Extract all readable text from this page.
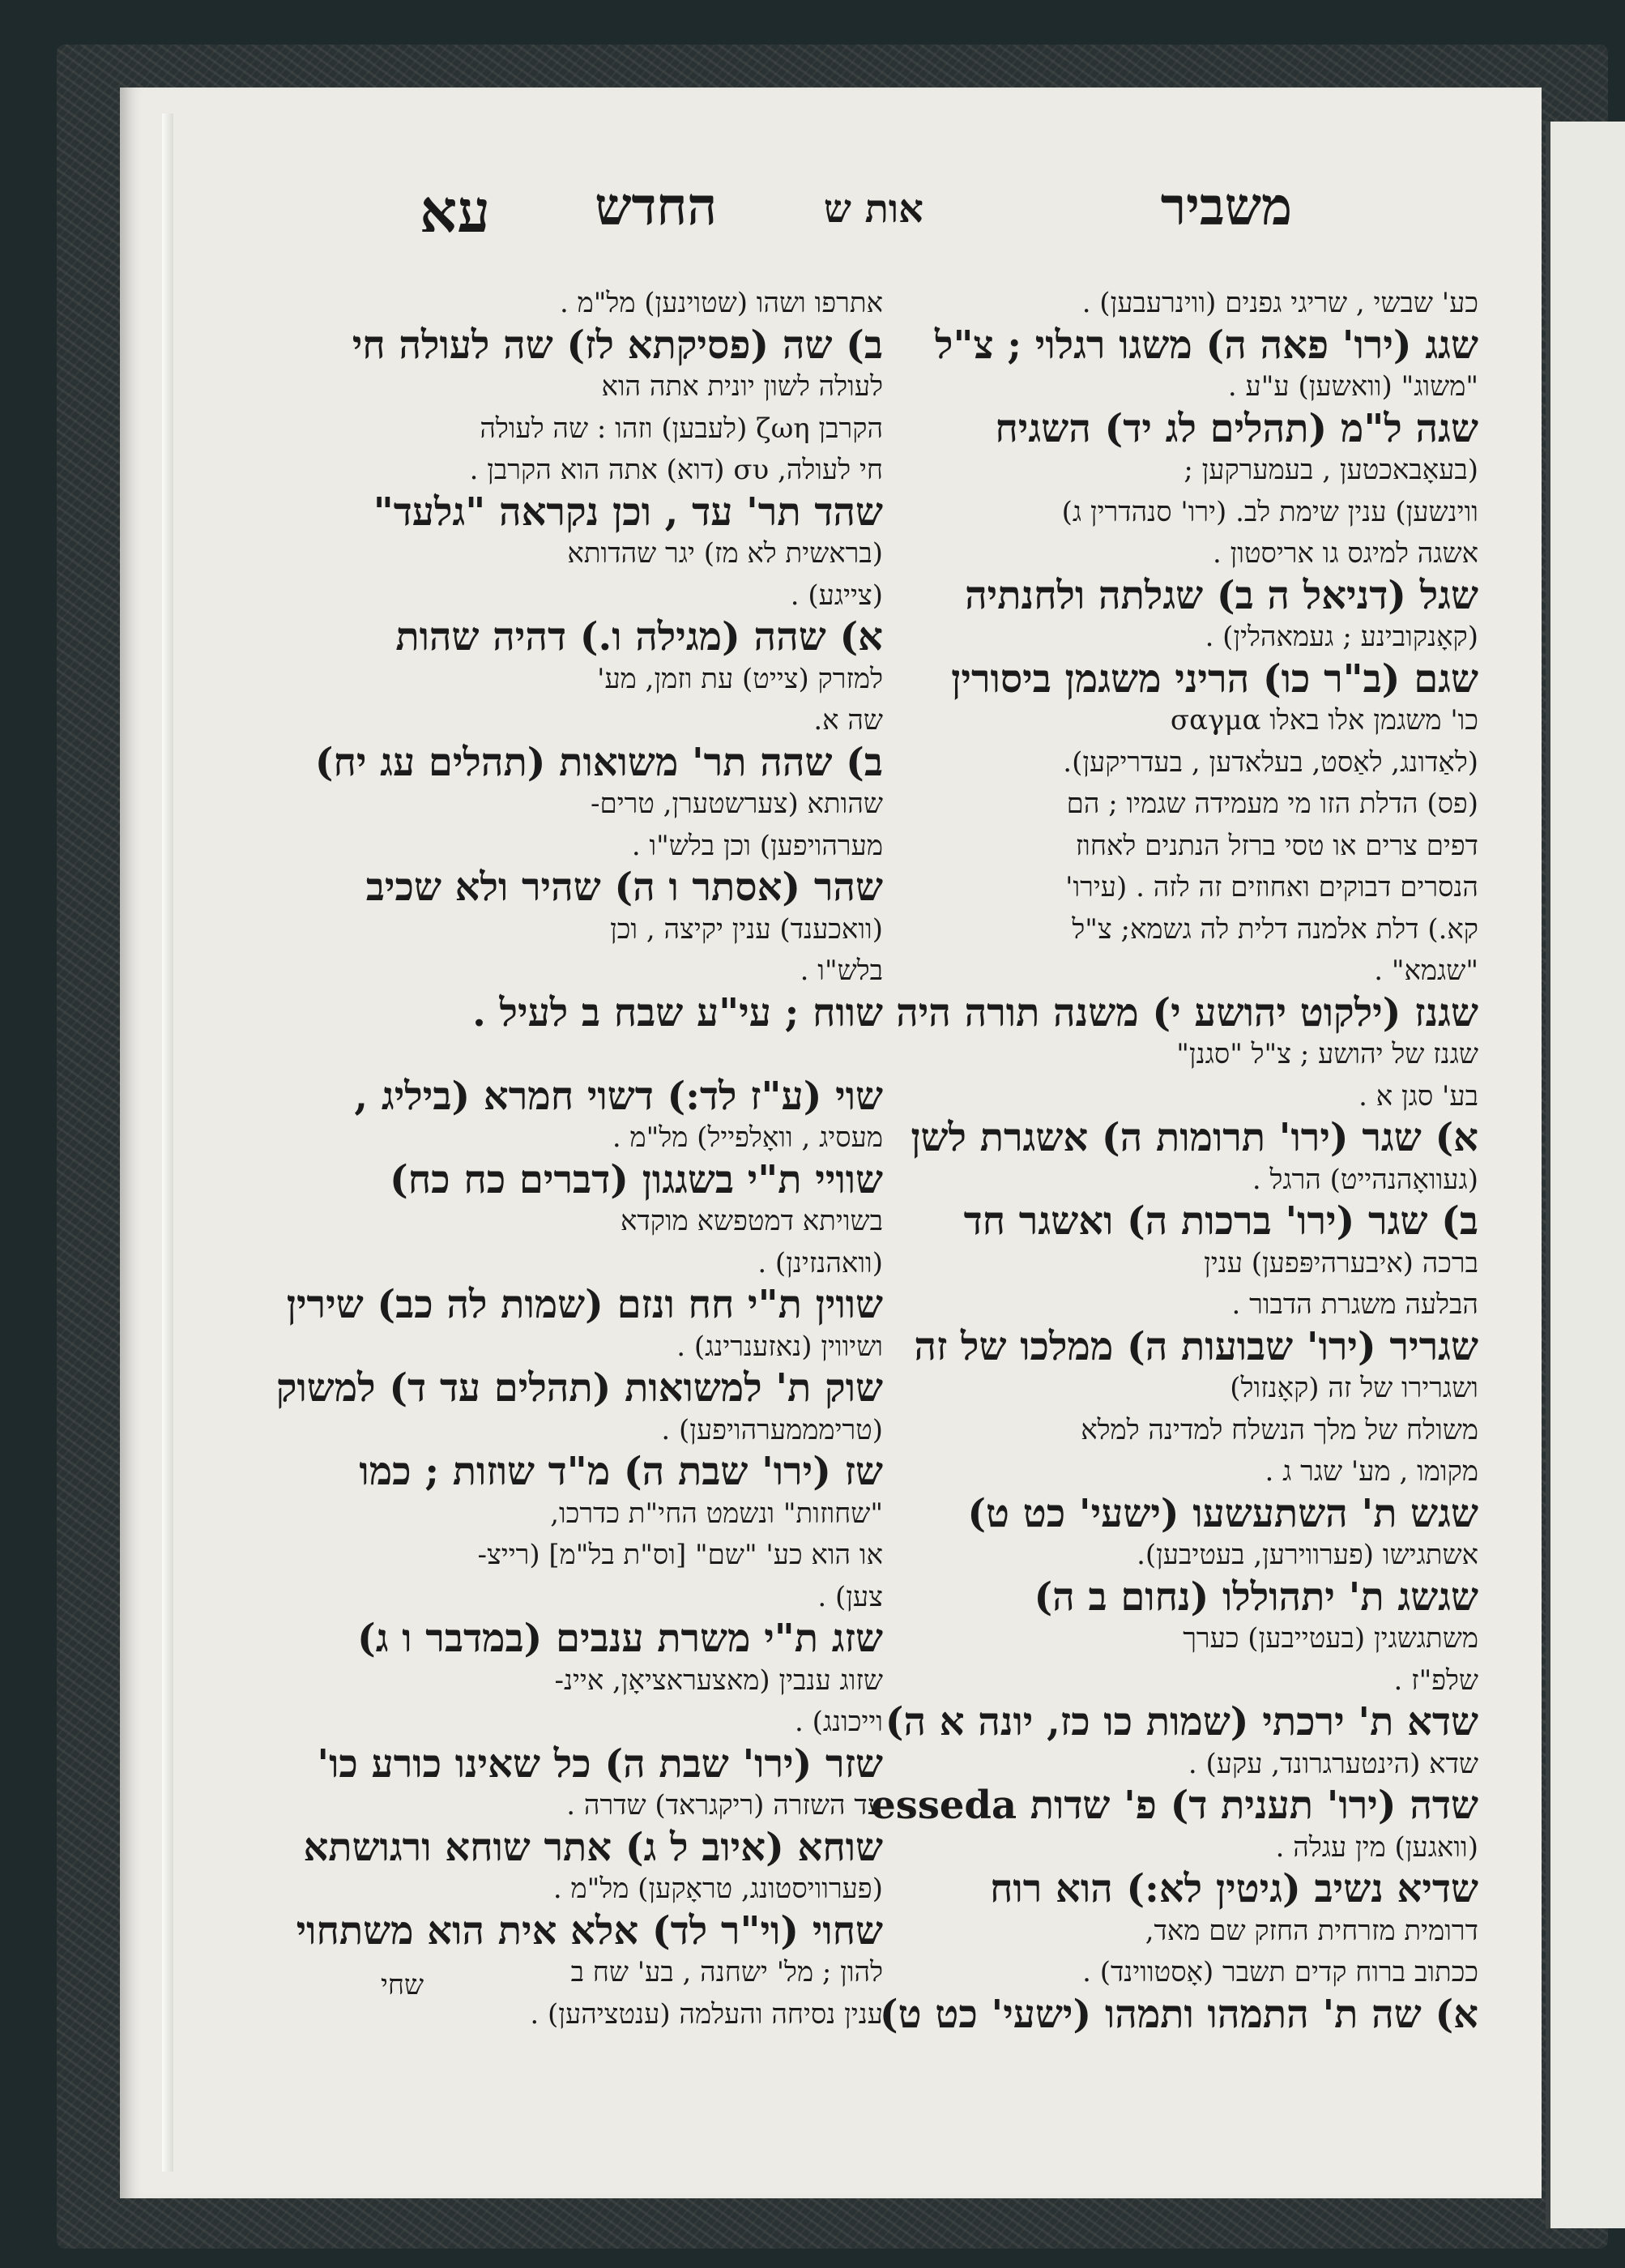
משביר
אות ש
החדש
עא
כע' שבשי , שריגי גפנים (ווינרעבען) .
שגג (ירו' פאה ה) משגו רגלוי ; צ"ל
"משוג" (וואשען) ע"ע .
שגה ל"מ (תהלים לג יד) השגיח
(בעאָבאכטען , בעמערקען ;
ווינשען) ענין שימת לב. (ירו' סנהדרין ג)
אשגה למיגס גו אריסטון .
שגל (דניאל ה ב) שגלתה ולחנתיה
(קאָנקובינע ; געמאהלין) .
שגם (ב"ר כו) הריני משגמן ביסורין
כו' משגמן אלו באלו σαγμα
(לאַדונג, לאַסט, בעלאדען , בעדריקען).
(פס) הדלת הזו מי מעמידה שגמיו ; הם
דפים צרים או טסי ברזל הנתנים לאחוז
הנסרים דבוקים ואחוזים זה לזה . (עירו'
קא.) דלת אלמנה דלית לה גשמא; צ"ל
"שגמא" .
שגנז (ילקוט יהושע י) משנה תורה היה
שגנז של יהושע ; צ"ל "סגנן"
בע' סגן א .
א) שגר (ירו' תרומות ה) אשגרת לשן
(געוואָהנהייט) הרגל .
ב) שגר (ירו' ברכות ה) ואשגר חד
ברכה (איבערהיפּפען) ענין
הבלעה משגרת הדבור .
שגריר (ירו' שבועות ה) ממלכו של זה
ושגרירו של זה (קאָנזול)
משולח של מלך הנשלח למדינה למלא
מקומו , מע' שגר ג .
שגש ת' השתעשעו (ישעי' כט ט)
אשתגישו (פערווירען, בעטיבען).
שגשג ת' יתהוללו (נחום ב ה)
משתגשגין (בעטייבען) כערך
שלפ"ז .
שדא ת' ירכתי (שמות כו כז, יונה א ה)
שדא (הינטערגרונד, עקע) .
שדה (ירו' תענית ד) פ' שדות esseda
(וואגען) מין עגלה .
שדיא נשיב (גיטין לא:) הוא רוח
דרומית מזרחית החזק שם מאד,
ככתוב ברוח קדים תשבר (אָסטווינד) .
א) שה ת' התמהו ותמהו (ישעי' כט ט)
אתרפו ושהו (שטוינען) מל"מ .
ב) שה (פסיקתא לז) שה לעולה חי
לעולה לשון יונית אתה הוא
הקרבן ζωη (לעבען) וזהו : שה לעולה
חי לעולה, συ (דוא) אתה הוא הקרבן .
שהד תר' עד , וכן נקראה "גלעד"
(בראשית לא מז) יגר שהדותא
(צייגע) .
א) שהה (מגילה ו.) דהיה שהות
למזרק (צייט) עת וזמן, מע'
שה א.
ב) שהה תר' משואות (תהלים עג יח)
שהותא (צערשטערן, טרים-
מערהויפען) וכן בלש"ו .
שהר (אסתר ו ה) שהיר ולא שכיב
(וואכענד) ענין יקיצה , וכן
בלש"ו .
שווח ; עי"ע שבח ב לעיל .
שוי (ע"ז לד:) דשוי חמרא (ביליג ,
מעסיג , וואָלפייל) מל"מ .
שוויי ת"י בשגגון (דברים כח כח)
בשויתא דמטפשא מוקדא
(וואהנזינן) .
שווין ת"י חח ונזם (שמות לה כב) שירין
ושיווין (נאזענרינג) .
שוק ת' למשואות (תהלים עד ד) למשוק
(טרימממערהויפען) .
שז (ירו' שבת ה) מ"ד שוזות ; כמו
"שחוזות" ונשמט החי"ת כדרכו,
או הוא כע' "שם" [וס"ת בל"מ] (רייצ-
צען) .
שזג ת"י משרת ענבים (במדבר ו ג)
שזוג ענבין (מאצעראציאָן, איינ-
וייכונג) .
שזר (ירו' שבת ה) כל שאינו כורע כו'
עד השזרה (ריקגראד) שדרה .
שוחא (איוב ל ג) אתר שוחא ורגושתא
(פערוויסטונג, טראָקען) מל"מ .
שחוי (וי"ר לד) אלא אית הוא משתחוי
להון ; מל' ישחנה , בע' שח ב
ענין נסיחה והעלמה (ענטציהען) .
שחי
